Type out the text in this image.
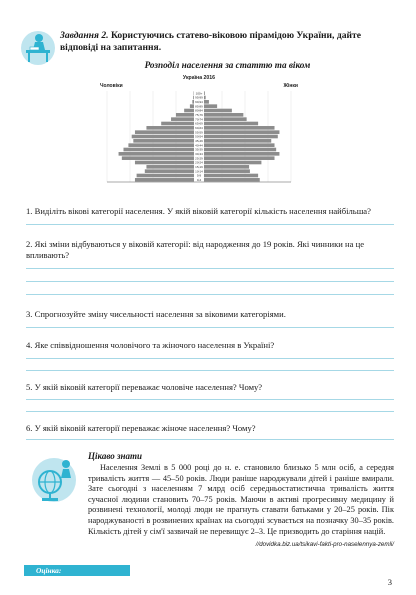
Завдання 2. Користуючись статево-віковою пірамідою України, дайте відповіді на запитання.
Розподіл населення за статтю та віком
Україна 2016
Чоловіки	Жінки
0-4
5-9
10-14
15-19
20-24
25-29
30-34
35-39
40-44
45-49
50-54
55-59
60-64
65-69
70-74
75-79
80-84
85-89
90-94
95-99
100+
1. Виділіть вікові категорії населення. У якій віковій категорії кількість населення найбільша?
2. Які зміни відбуваються у віковій категорії: від народження до 19 років. Які чинники на це впливають?
3. Спрогнозуйте зміну чисельності населення за віковими категоріями.
4. Яке співвідношення чоловічого та жіночого населення в Україні?
5. У якій віковій категорії переважає чоловіче населення? Чому?
6. У якій віковій категорії переважає жіноче населення? Чому?
Цікаво знати
Населення Землі в 5 000 році до н. е. становило близько 5 млн осіб, а середня тривалість життя — 45–50 років. Люди раніше народжували дітей і раніше вмирали. Зате сьогодні з населенням 7 млрд осіб середньостатистична тривалість життя сучасної людини становить 70–75 років. Маючи в активі прогресивну медицину й розвинені технології, молоді люди не прагнуть ставати батьками у 20–25 років. Пік народжуваності в розвинених країнах на сьогодні зсувається на позначку 30–35 років. Кількість дітей у сім'ї зазвичай не перевищує 2–3. Це призводить до старіння націй.
//dovidka.biz.ua/tsikavi-fakti-pro-naselennya-zemli/
Оцінка:
3
